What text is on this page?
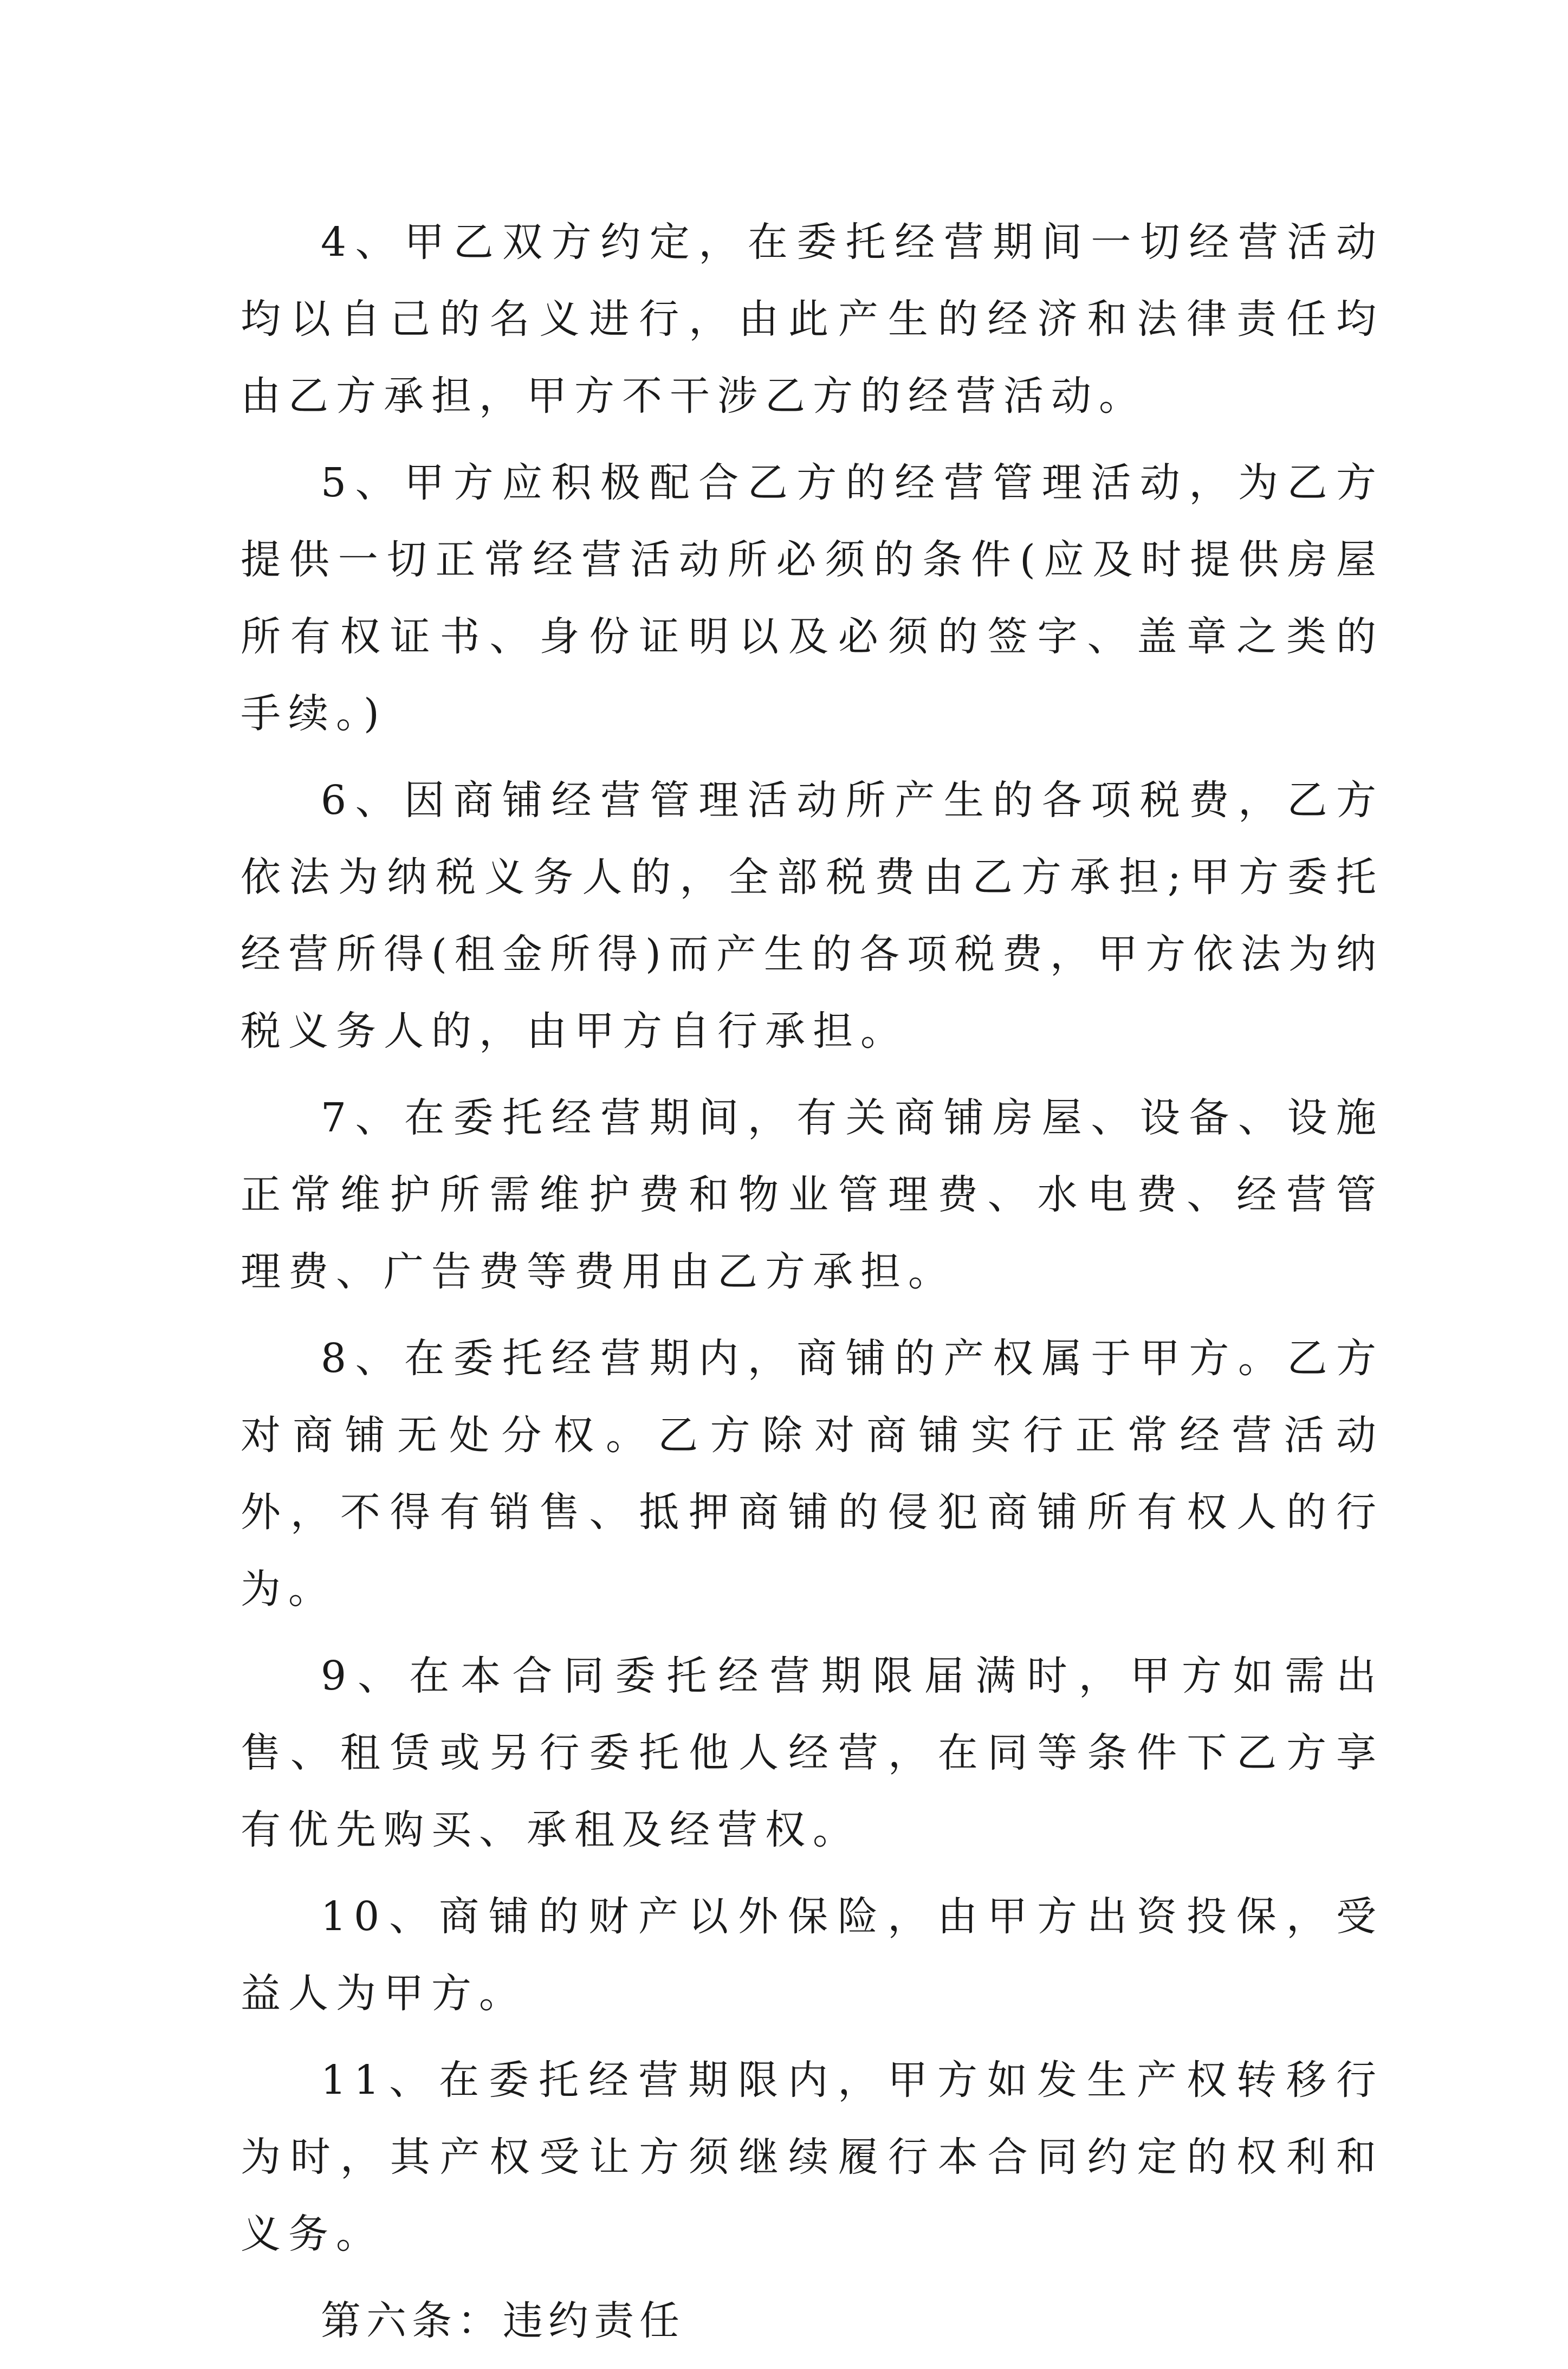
4、甲乙双方约定，在委托经营期间一切经营活动均以自己的名义进行，由此产生的经济和法律责任均由乙方承担，甲方不干涉乙方的经营活动。

5、甲方应积极配合乙方的经营管理活动，为乙方提供一切正常经营活动所必须的条件(应及时提供房屋所有权证书、身份证明以及必须的签字、盖章之类的手续。)

6、因商铺经营管理活动所产生的各项税费，乙方依法为纳税义务人的，全部税费由乙方承担;甲方委托经营所得(租金所得)而产生的各项税费，甲方依法为纳税义务人的，由甲方自行承担。

7、在委托经营期间，有关商铺房屋、设备、设施正常维护所需维护费和物业管理费、水电费、经营管理费、广告费等费用由乙方承担。

8、在委托经营期内，商铺的产权属于甲方。乙方对商铺无处分权。乙方除对商铺实行正常经营活动外，不得有销售、抵押商铺的侵犯商铺所有权人的行为。

9、在本合同委托经营期限届满时，甲方如需出售、租赁或另行委托他人经营，在同等条件下乙方享有优先购买、承租及经营权。

10、商铺的财产以外保险，由甲方出资投保，受益人为甲方。

11、在委托经营期限内，甲方如发生产权转移行为时，其产权受让方须继续履行本合同约定的权利和义务。

第六条：违约责任
